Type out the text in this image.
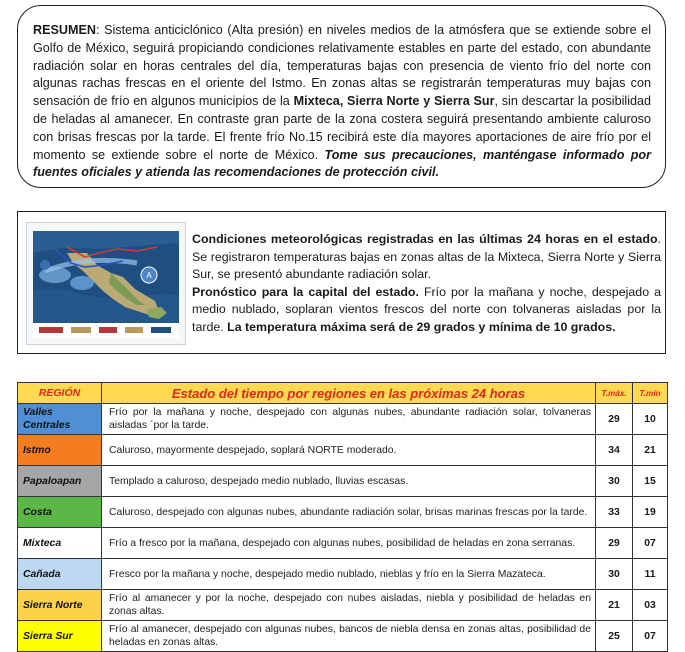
RESUMEN: Sistema anticiclónico (Alta presión) en niveles medios de la atmósfera que se extiende sobre el Golfo de México, seguirá propiciando condiciones relativamente estables en parte del estado, con abundante radiación solar en horas centrales del día, temperaturas bajas con presencia de viento frío del norte con algunas rachas frescas en el oriente del Istmo. En zonas altas se registrarán temperaturas muy bajas con sensación de frío en algunos municipios de la Mixteca, Sierra Norte y Sierra Sur, sin descartar la posibilidad de heladas al amanecer. En contraste gran parte de la zona costera seguirá presentando ambiente caluroso con brisas frescas por la tarde. El frente frío No.15 recibirá este día mayores aportaciones de aire frío por el momento se extiende sobre el norte de México. Tome sus precauciones, manténgase informado por fuentes oficiales y atienda las recomendaciones de protección civil.
A
Condiciones meteorológicas registradas en las últimas 24 horas en el estado. Se registraron temperaturas bajas en zonas altas de la Mixteca, Sierra Norte y Sierra Sur, se presentó abundante radiación solar.
Pronóstico para la capital del estado. Frío por la mañana y noche, despejado a medio nublado, soplaran vientos frescos del norte con tolvaneras aisladas por la tarde. La temperatura máxima será de 29 grados y mínima de 10 grados.
REGIÓN	Estado del tiempo por regiones en las próximas 24 horas	T.máx.	T.mín
Valles Centrales	Frío por la mañana y noche, despejado con algunas nubes, abundante radiación solar, tolvaneras aisladas ´por la tarde.	29	10
Istmo	Caluroso, mayormente despejado, soplará NORTE moderado.	34	21
Papaloapan	Templado a caluroso, despejado medio nublado, lluvias escasas.	30	15
Costa	Caluroso, despejado con algunas nubes, abundante radiación solar, brisas marinas frescas por la tarde.	33	19
Mixteca	Frío a fresco por la mañana, despejado con algunas nubes, posibilidad de heladas en zona serranas.	29	07
Cañada	Fresco por la mañana y noche, despejado medio nublado, nieblas y frío en la Sierra Mazateca.	30	11
Sierra Norte	Frío al amanecer y por la noche, despejado con nubes aisladas, niebla y posibilidad de heladas en zonas altas.	21	03
Sierra Sur	Frío al amanecer, despejado con algunas nubes, bancos de niebla densa en zonas altas, posibilidad de heladas en zonas altas.	25	07
